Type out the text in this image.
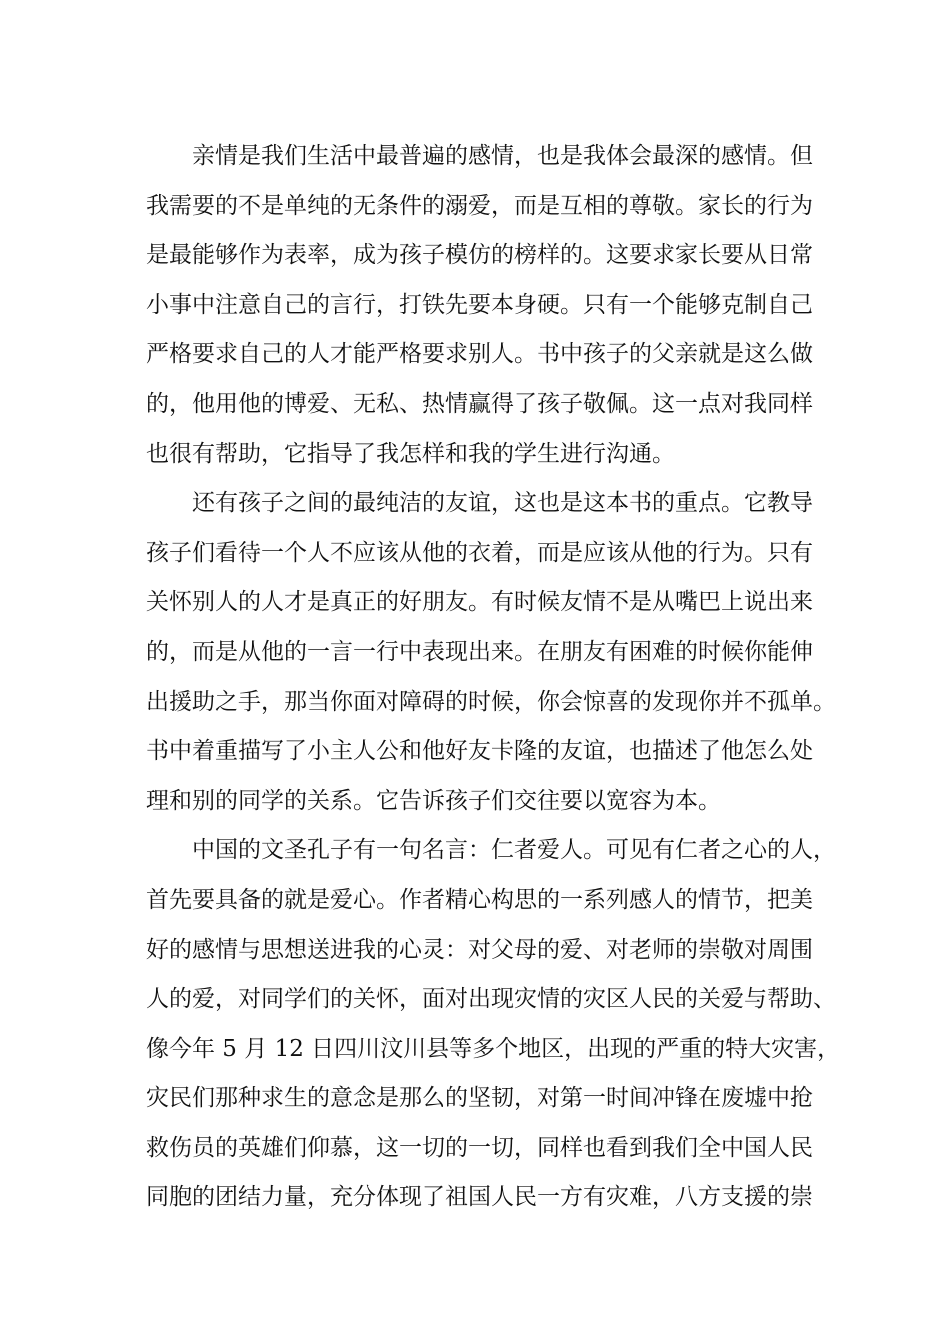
亲情是我们生活中最普遍的感情，也是我体会最深的感情。但
我需要的不是单纯的无条件的溺爱，而是互相的尊敬。家长的行为
是最能够作为表率，成为孩子模仿的榜样的。这要求家长要从日常
小事中注意自己的言行，打铁先要本身硬。只有一个能够克制自己
严格要求自己的人才能严格要求别人。书中孩子的父亲就是这么做
的，他用他的博爱、无私、热情赢得了孩子敬佩。这一点对我同样
也很有帮助，它指导了我怎样和我的学生进行沟通。
还有孩子之间的最纯洁的友谊，这也是这本书的重点。它教导
孩子们看待一个人不应该从他的衣着，而是应该从他的行为。只有
关怀别人的人才是真正的好朋友。有时候友情不是从嘴巴上说出来
的，而是从他的一言一行中表现出来。在朋友有困难的时候你能伸
出援助之手，那当你面对障碍的时候，你会惊喜的发现你并不孤单。
书中着重描写了小主人公和他好友卡隆的友谊，也描述了他怎么处
理和别的同学的关系。它告诉孩子们交往要以宽容为本。
中国的文圣孔子有一句名言：仁者爱人。可见有仁者之心的人，
首先要具备的就是爱心。作者精心构思的一系列感人的情节，把美
好的感情与思想送进我的心灵：对父母的爱、对老师的崇敬对周围
人的爱，对同学们的关怀，面对出现灾情的灾区人民的关爱与帮助、
像今年 5 月 12 日四川汶川县等多个地区，出现的严重的特大灾害，
灾民们那种求生的意念是那么的坚韧，对第一时间冲锋在废墟中抢
救伤员的英雄们仰慕，这一切的一切，同样也看到我们全中国人民
同胞的团结力量，充分体现了祖国人民一方有灾难，八方支援的崇
